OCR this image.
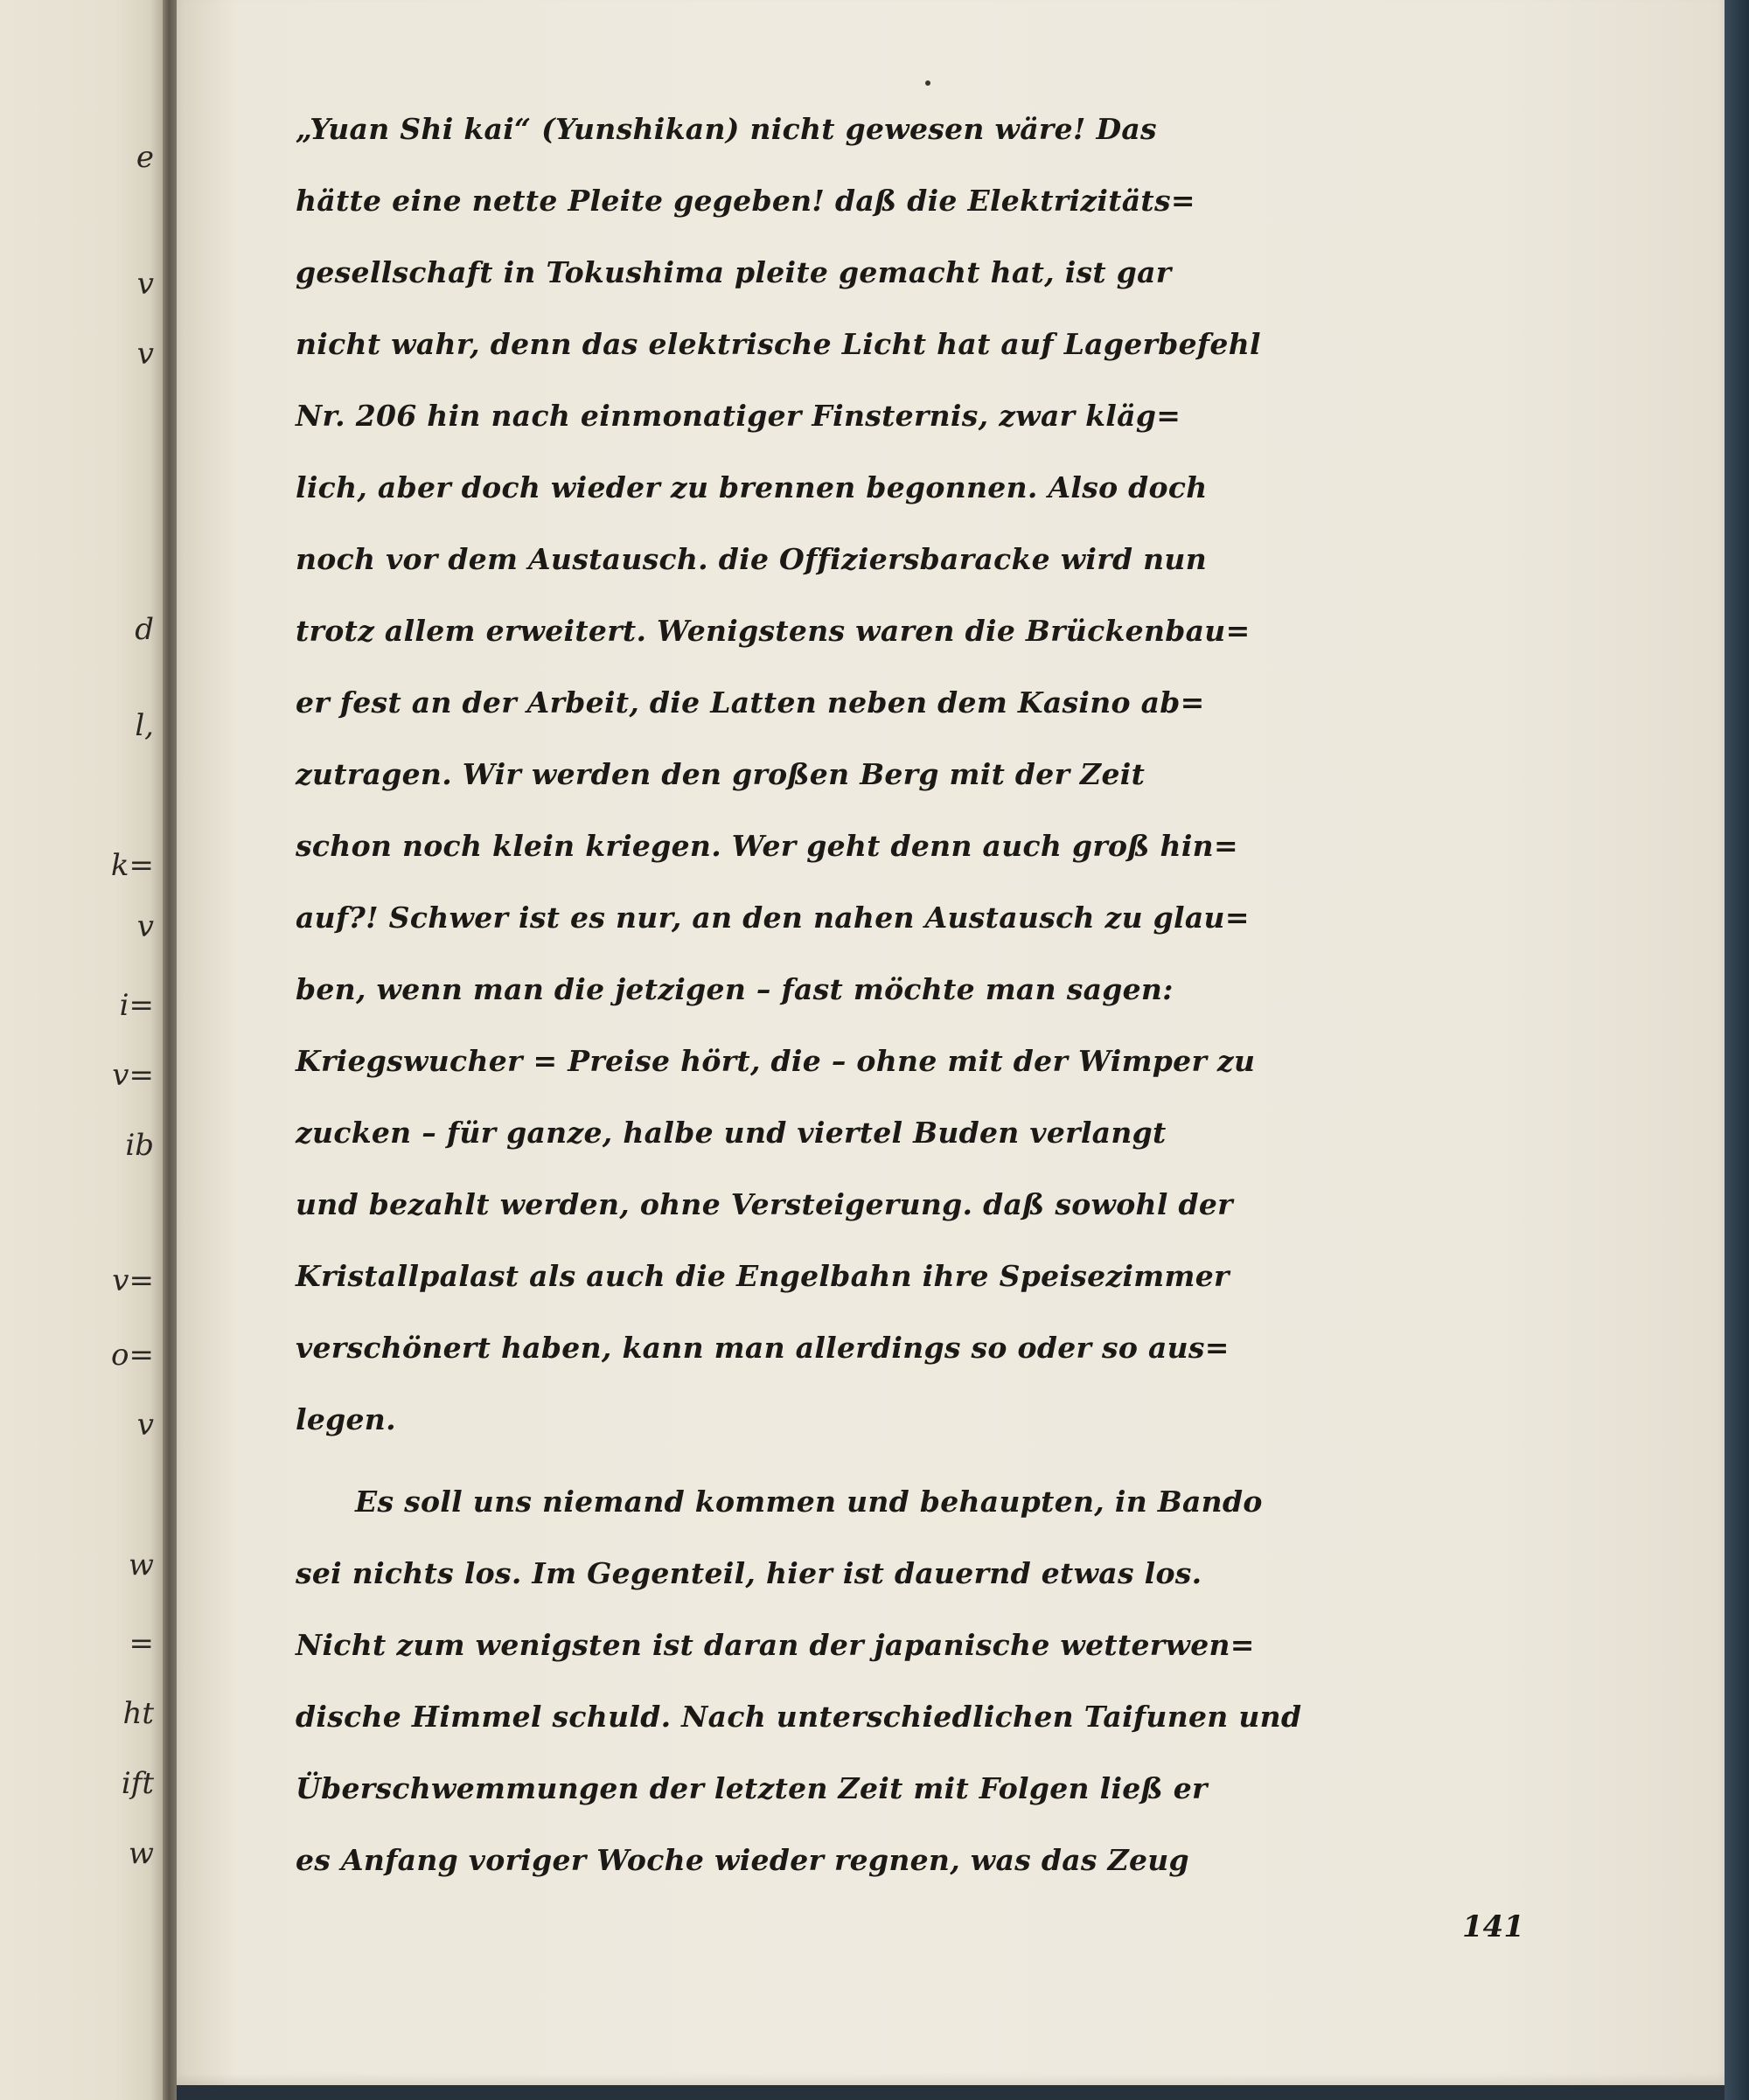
e
v
v
d
l,
k=
v
i=
v=
ib
v=
o=
v
w
=
ht
ift
w
„Yuan Shi kai“ (Yunshikan) nicht gewesen wäre! Das
hätte eine nette Pleite gegeben! daß die Elektrizitäts=
gesellschaft in Tokushima pleite gemacht hat, ist gar
nicht wahr, denn das elektrische Licht hat auf Lagerbefehl
Nr. 206 hin nach einmonatiger Finsternis, zwar kläg=
lich, aber doch wieder zu brennen begonnen. Also doch
noch vor dem Austausch. die Offiziersbaracke wird nun
trotz allem erweitert. Wenigstens waren die Brückenbau=
er fest an der Arbeit, die Latten neben dem Kasino ab=
zutragen. Wir werden den großen Berg mit der Zeit
schon noch klein kriegen. Wer geht denn auch groß hin=
auf?! Schwer ist es nur, an den nahen Austausch zu glau=
ben, wenn man die jetzigen – fast möchte man sagen:
Kriegswucher = Preise hört, die – ohne mit der Wimper zu
zucken – für ganze, halbe und viertel Buden verlangt
und bezahlt werden, ohne Versteigerung. daß sowohl der
Kristallpalast als auch die Engelbahn ihre Speisezimmer
verschönert haben, kann man allerdings so oder so aus=
legen.
Es soll uns niemand kommen und behaupten, in Bando
sei nichts los. Im Gegenteil, hier ist dauernd etwas los.
Nicht zum wenigsten ist daran der japanische wetterwen=
dische Himmel schuld. Nach unterschiedlichen Taifunen und
Überschwemmungen der letzten Zeit mit Folgen ließ er
es Anfang voriger Woche wieder regnen, was das Zeug
141
